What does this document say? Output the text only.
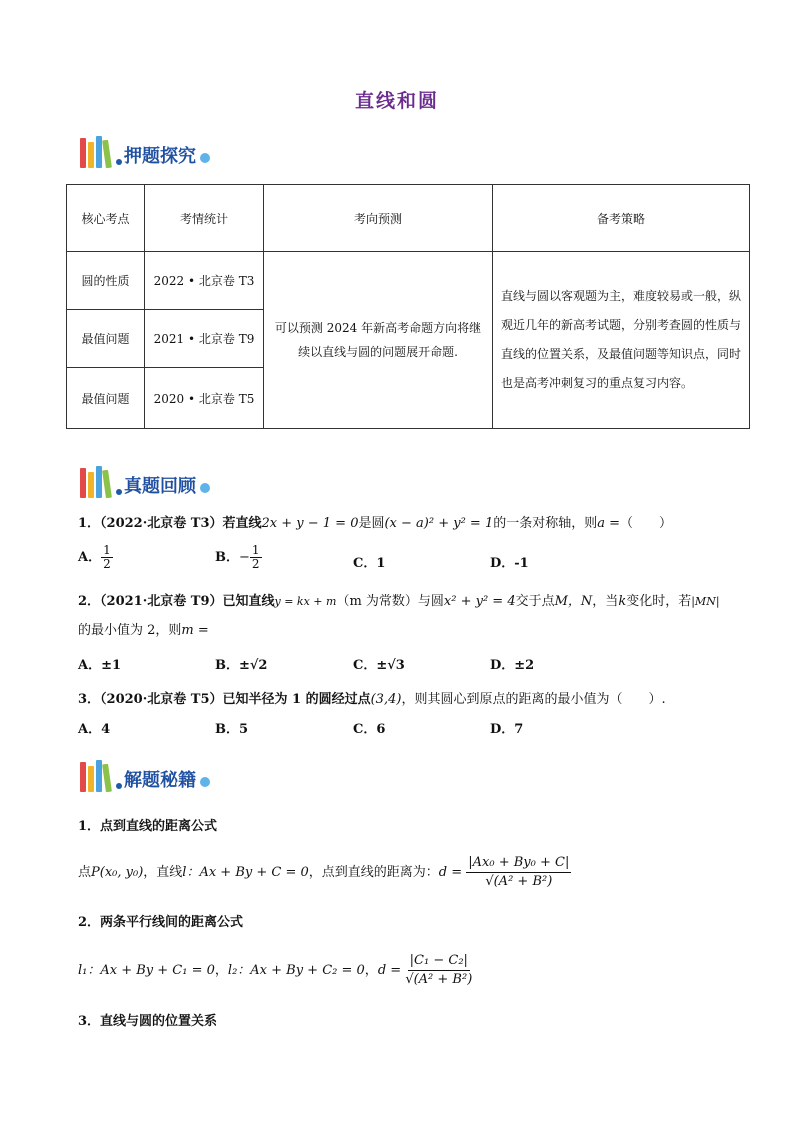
直线和圆
押题探究
核心考点	考情统计	考向预测	备考策略
圆的性质	2022 • 北京卷 T3	可以预测 2024 年新高考命题方向将继续以直线与圆的问题展开命题.	直线与圆以客观题为主，难度较易或一般，纵观近几年的新高考试题，分别考查圆的性质与直线的位置关系，及最值问题等知识点，同时也是高考冲刺复习的重点复习内容。
最值问题	2021 • 北京卷 T9		
最值问题	2020 • 北京卷 T5		
真题回顾
1．（2022·北京卷 T3）若直线2x + y − 1 = 0是圆(x − a)² + y² = 1的一条对称轴，则a =（　　）
A． $\frac{1}{2}$	B．− $\frac{1}{2}$	C．1	D．-1
2．（2021·北京卷 T9）已知直线y = kx + m（m 为常数）与圆x² + y² = 4交于点M，N，当k变化时，若|MN|
的最小值为 2，则m =
A．±1	B．±√2	C．±√3	D．±2
3．（2020·北京卷 T5）已知半径为 1 的圆经过点(3,4)，则其圆心到原点的距离的最小值为（　　）.
A．4	B．5	C．6	D．7
解题秘籍
1．点到直线的距离公式
点P(x₀, y₀)，直线l：Ax + By + C = 0，点到直线的距离为：$d = \frac{\text{|Ax₀ + By₀ + C|}}{\text{√(A² + B²)}}$
2．两条平行线间的距离公式
l₁：Ax + By + C₁ = 0，l₂：Ax + By + C₂ = 0，$d = \frac{\text{|C₁ − C₂|}}{\text{√(A² + B²)}}$
3．直线与圆的位置关系
